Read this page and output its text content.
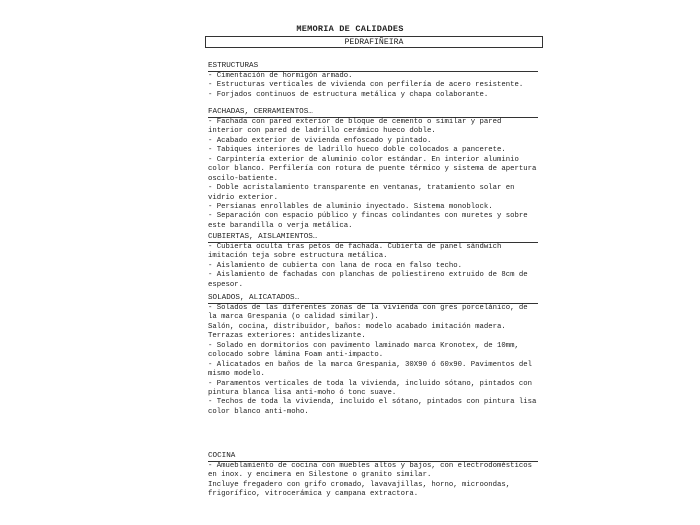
MEMORIA DE CALIDADES
PEDRAFIÑEIRA
ESTRUCTURAS
- Cimentación de hormigón armado.
- Estructuras verticales de vivienda con perfilería de acero resistente.
- Forjados continuos de estructura metálica y chapa colaborante.
FACHADAS, CERRAMIENTOS…
- Fachada con pared exterior de bloque de cemento o similar y pared
interior con pared de ladrillo cerámico hueco doble.
- Acabado exterior de vivienda enfoscado y pintado.
- Tabiques interiores de ladrillo hueco doble colocados a pancerete.
- Carpintería exterior de aluminio color estándar. En interior aluminio
color blanco. Perfilería con rotura de puente térmico y sistema de apertura
oscilo-batiente.
- Doble acristalamiento transparente en ventanas, tratamiento solar en
vidrio exterior.
- Persianas enrollables de aluminio inyectado. Sistema monoblock.
- Separación con espacio público y fincas colindantes con muretes y sobre
este barandilla o verja metálica.
CUBIERTAS, AISLAMIENTOS…
- Cubierta oculta tras petos de fachada. Cubierta de panel sándwich
imitación teja sobre estructura metálica.
- Aislamiento de cubierta con lana de roca en falso techo.
- Aislamiento de fachadas con planchas de poliestireno extruido de 8cm de
espesor.
SOLADOS, ALICATADOS…
- Solados de las diferentes zonas de la vivienda con gres porcelánico, de
la marca Grespania (o calidad similar).
Salón, cocina, distribuidor, baños: modelo acabado imitación madera.
Terrazas exteriores: antideslizante.
- Solado en dormitorios con pavimento laminado marca Kronotex, de 10mm,
colocado sobre lámina Foam anti-impacto.
- Alicatados en baños de la marca Grespania, 30X90 ó 60x90. Pavimentos del
mismo modelo.
- Paramentos verticales de toda la vivienda, incluido sótano, pintados con
pintura blanca lisa anti-moho ó tonc suave.
- Techos de toda la vivienda, incluido el sótano, pintados con pintura lisa
color blanco anti-moho.
COCINA
- Amueblamiento de cocina con muebles altos y bajos, con electrodomésticos
en inox. y encimera en Silestone o granito similar.
Incluye fregadero con grifo cromado, lavavajillas, horno, microondas,
frigorífico, vitrocerámica y campana extractora.
